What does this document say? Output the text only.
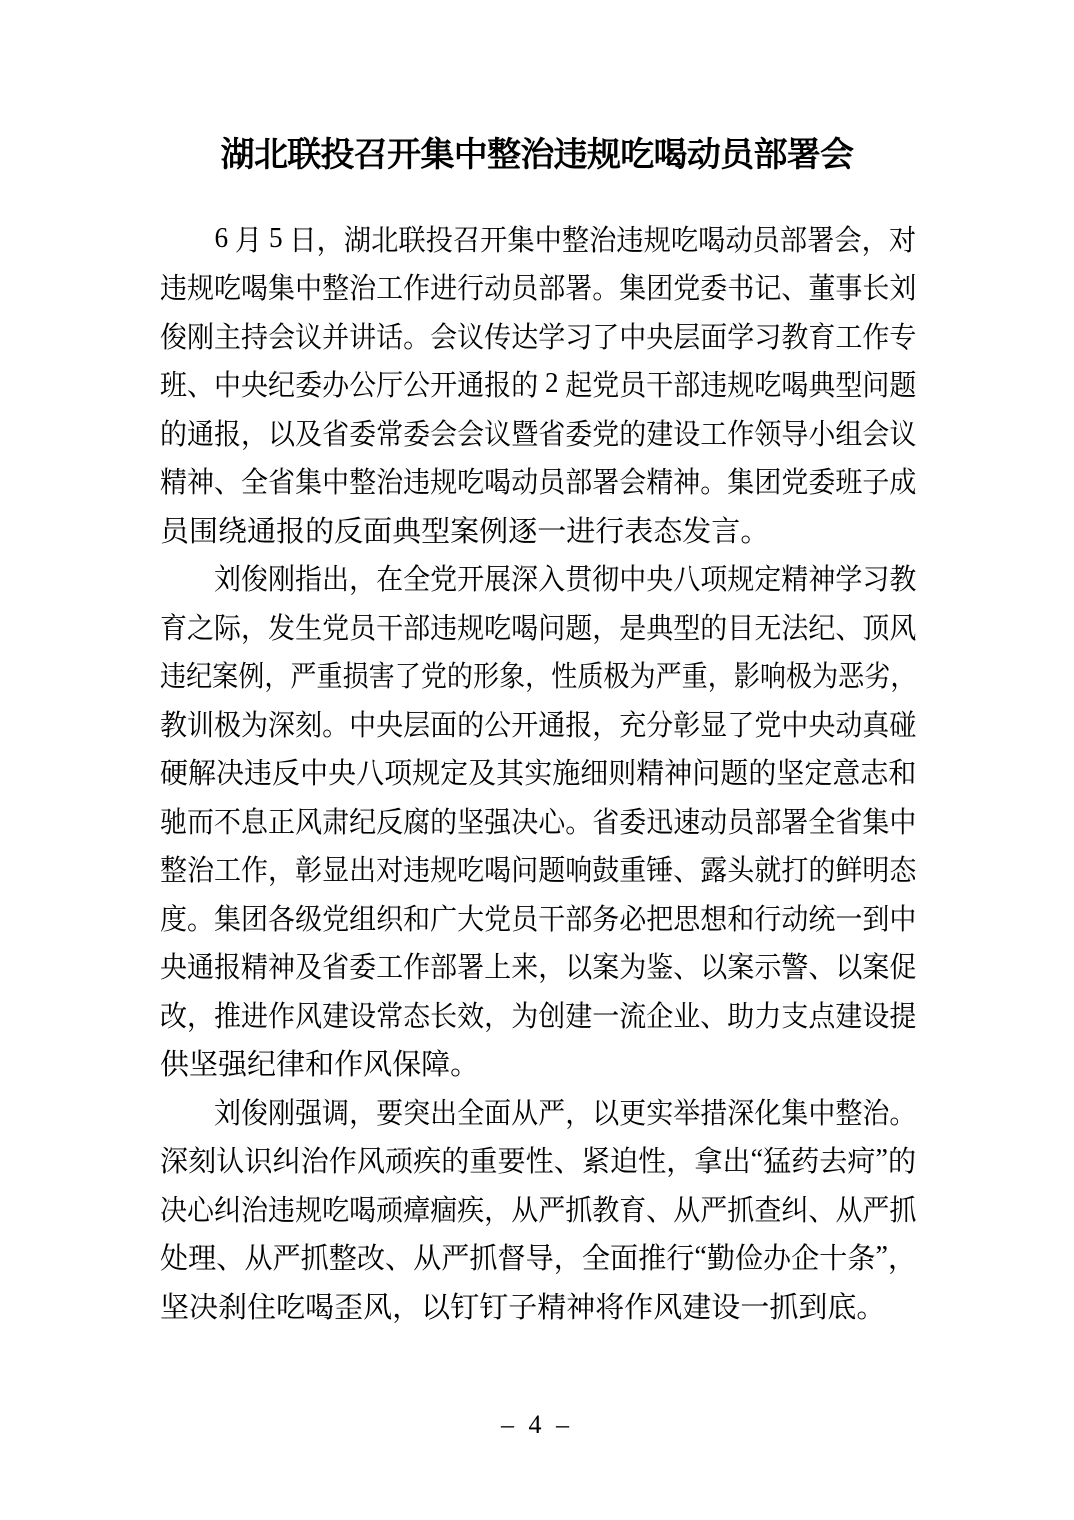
湖北联投召开集中整治违规吃喝动员部署会
6
月
5
日 ， 湖 北 联 投 召 开 集 中 整 治 违 规 吃 喝 动 员 部 署 会 ， 对
违 规 吃 喝 集 中 整 治 工 作 进 行 动 员 部 署 。 集 团 党 委 书 记 、 董 事 长 刘
俊 刚 主 持 会 议 并 讲 话 。 会 议 传 达 学 习 了 中 央 层 面 学 习 教 育 工 作 专
班 、 中 央 纪 委 办 公 厅 公 开 通 报 的
2
起 党 员 干 部 违 规 吃 喝 典 型 问 题
的 通 报 ， 以 及 省 委 常 委 会 会 议 暨 省 委 党 的 建 设 工 作 领 导 小 组 会 议
精 神 、 全 省 集 中 整 治 违 规 吃 喝 动 员 部 署 会 精 神 。 集 团 党 委 班 子 成
员 围 绕 通 报 的 反 面 典 型 案 例 逐 一 进 行 表 态 发 言 。
刘 俊 刚 指 出 ， 在 全 党 开 展 深 入 贯 彻 中 央 八 项 规 定 精 神 学 习 教
育 之 际 ， 发 生 党 员 干 部 违 规 吃 喝 问 题 ， 是 典 型 的 目 无 法 纪 、 顶 风
违 纪 案 例 ， 严 重 损 害 了 党 的 形 象 ， 性 质 极 为 严 重 ， 影 响 极 为 恶 劣 ，
教 训 极 为 深 刻 。 中 央 层 面 的 公 开 通 报 ， 充 分 彰 显 了 党 中 央 动 真 碰
硬 解 决 违 反 中 央 八 项 规 定 及 其 实 施 细 则 精 神 问 题 的 坚 定 意 志 和
驰 而 不 息 正 风 肃 纪 反 腐 的 坚 强 决 心 。 省 委 迅 速 动 员 部 署 全 省 集 中
整 治 工 作 ， 彰 显 出 对 违 规 吃 喝 问 题 响 鼓 重 锤 、 露 头 就 打 的 鲜 明 态
度 。 集 团 各 级 党 组 织 和 广 大 党 员 干 部 务 必 把 思 想 和 行 动 统 一 到 中
央 通 报 精 神 及 省 委 工 作 部 署 上 来 ， 以 案 为 鉴 、 以 案 示 警 、 以 案 促
改 ， 推 进 作 风 建 设 常 态 长 效 ， 为 创 建 一 流 企 业 、 助 力 支 点 建 设 提
供 坚 强 纪 律 和 作 风 保 障 。
刘 俊 刚 强 调 ， 要 突 出 全 面 从 严 ， 以 更 实 举 措 深 化 集 中 整 治 。
深 刻 认 识 纠 治 作 风 顽 疾 的 重 要 性 、 紧 迫 性 ， 拿 出 “ 猛 药 去 疴 ” 的
决 心 纠 治 违 规 吃 喝 顽 瘴 痼 疾 ， 从 严 抓 教 育 、 从 严 抓 查 纠 、 从 严 抓
处 理 、 从 严 抓 整 改 、 从 严 抓 督 导 ， 全 面 推 行 “ 勤 俭 办 企 十 条 ” ，
坚 决 刹 住 吃 喝 歪 风 ， 以 钉 钉 子 精 神 将 作 风 建 设 一 抓 到 底 。
– 4 –
